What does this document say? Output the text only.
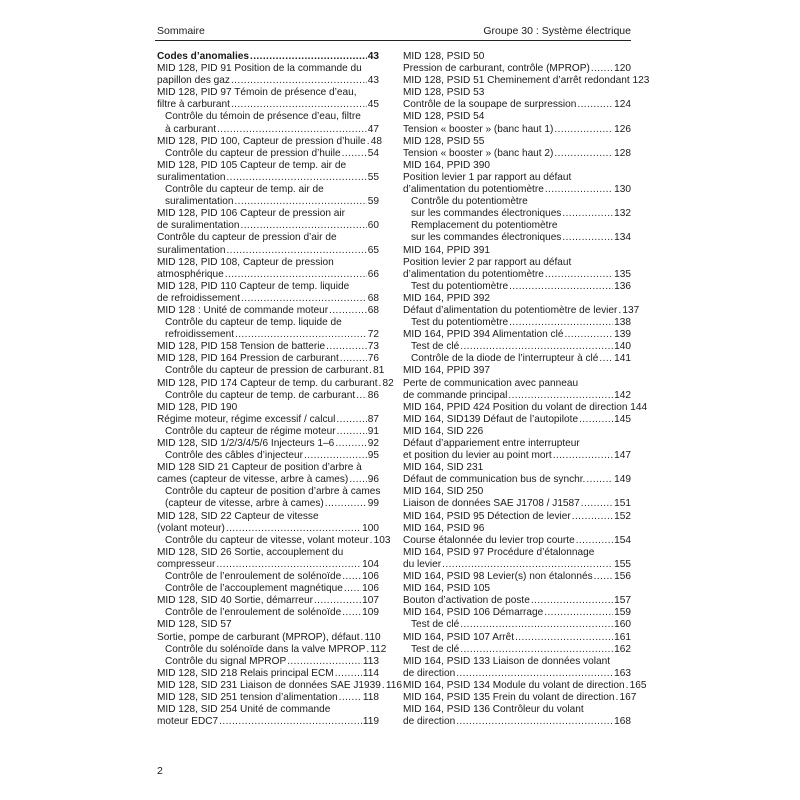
Sommaire	Groupe 30 : Système électrique
Codes d’anomalies .....	43
MID 128, PID 91 Position de la commande du
papillon des gaz .....	43
MID 128, PID 97 Témoin de présence d’eau,
filtre à carburant .....	45
Contrôle du témoin de présence d’eau, filtre
à carburant .....	47
MID 128, PID 100, Capteur de pression d’huile ..... 48
Contrôle du capteur de pression d’huile .....	54
MID 128, PID 105 Capteur de temp. air de
suralimentation .....	55
Contrôle du capteur de temp. air de
suralimentation .....	59
MID 128, PID 106 Capteur de pression air
de suralimentation .....	60
Contrôle du capteur de pression d’air de
suralimentation .....	65
MID 128, PID 108, Capteur de pression
atmosphérique .....	66
MID 128, PID 110 Capteur de temp. liquide
de refroidissement .....	68
MID 128 : Unité de commande moteur .....	68
Contrôle du capteur de temp. liquide de
refroidissement .....	72
MID 128, PID 158 Tension de batterie .....	73
MID 128, PID 164 Pression de carburant .....	76
Contrôle du capteur de pression de carburant ..... 81
MID 128, PID 174 Capteur de temp. du carburant ..... 82
Contrôle du capteur de temp. de carburant ..... 86
MID 128, PID 190
Régime moteur, régime excessif / calcul .....	87
Contrôle du capteur de régime moteur .....	91
MID 128, SID 1/2/3/4/5/6 Injecteurs 1–6 .....	92
Contrôle des câbles d’injecteur .....	95
MID 128 SID 21 Capteur de position d’arbre à
cames (capteur de vitesse, arbre à cames) ..... 96
Contrôle du capteur de position d’arbre à cames
(capteur de vitesse, arbre à cames) .....	99
MID 128, SID 22 Capteur de vitesse
(volant moteur) .....	100
Contrôle du capteur de vitesse, volant moteur ..... 103
MID 128, SID 26 Sortie, accouplement du
compresseur .....	104
Contrôle de l’enroulement de solénoïde ..... 106
Contrôle de l’accouplement magnétique ..... 106
MID 128, SID 40 Sortie, démarreur .....	107
Contrôle de l’enroulement de solénoïde ..... 109
MID 128, SID 57
Sortie, pompe de carburant (MPROP), défaut ..... 110
Contrôle du solénoïde dans la valve MPROP ..... 112
Contrôle du signal MPROP .....	113
MID 128, SID 218 Relais principal ECM .....	114
MID 128, SID 231 Liaison de données SAE J1939 ..... 116
MID 128, SID 251 tension d’alimentation ..... 118
MID 128, SID 254 Unité de commande
moteur EDC7 .....	119
MID 128, PSID 50
Pression de carburant, contrôle (MPROP) ..... 120
MID 128, PSID 51 Cheminement d’arrêt redondant 123
MID 128, PSID 53
Contrôle de la soupape de surpression .....	124
MID 128, PSID 54
Tension « booster » (banc haut 1) .....	126
MID 128, PSID 55
Tension « booster » (banc haut 2) .....	128
MID 164, PPID 390
Position levier 1 par rapport au défaut
d’alimentation du potentiomètre .....	130
Contrôle du potentiomètre
sur les commandes électroniques .....	132
Remplacement du potentiomètre
sur les commandes électroniques .....	134
MID 164, PPID 391
Position levier 2 par rapport au défaut
d’alimentation du potentiomètre .....	135
Test du potentiomètre .....	136
MID 164, PPID 392
Défaut d’alimentation du potentiomètre de levier ..... 137
Test du potentiomètre .....	138
MID 164, PPID 394 Alimentation clé .....	139
Test de clé .....	140
Contrôle de la diode de l’interrupteur à clé ..... 141
MID 164, PPID 397
Perte de communication avec panneau
de commande principal .....	142
MID 164, PPID 424 Position du volant de direction 144
MID 164, SID139 Défaut de l’autopilote .....	145
MID 164, SID 226
Défaut d’appariement entre interrupteur
et position du levier au point mort .....	147
MID 164, SID 231
Défaut de communication bus de synchr. .....	149
MID 164, SID 250
Liaison de données SAE J1708 / J1587 .....	151
MID 164, PSID 95 Détection de levier .....	152
MID 164, PSID 96
Course étalonnée du levier trop courte .....	154
MID 164, PSID 97 Procédure d’étalonnage
du levier .....	155
MID 164, PSID 98 Levier(s) non étalonnés ..... 156
MID 164, PSID 105
Bouton d’activation de poste .....	157
MID 164, PSID 106 Démarrage .....	159
Test de clé .....	160
MID 164, PSID 107 Arrêt .....	161
Test de clé .....	162
MID 164, PSID 133 Liaison de données volant
de direction .....	163
MID 164, PSID 134 Module du volant de direction ..... 165
MID 164, PSID 135 Frein du volant de direction ..... 167
MID 164, PSID 136 Contrôleur du volant
de direction .....	168
2
